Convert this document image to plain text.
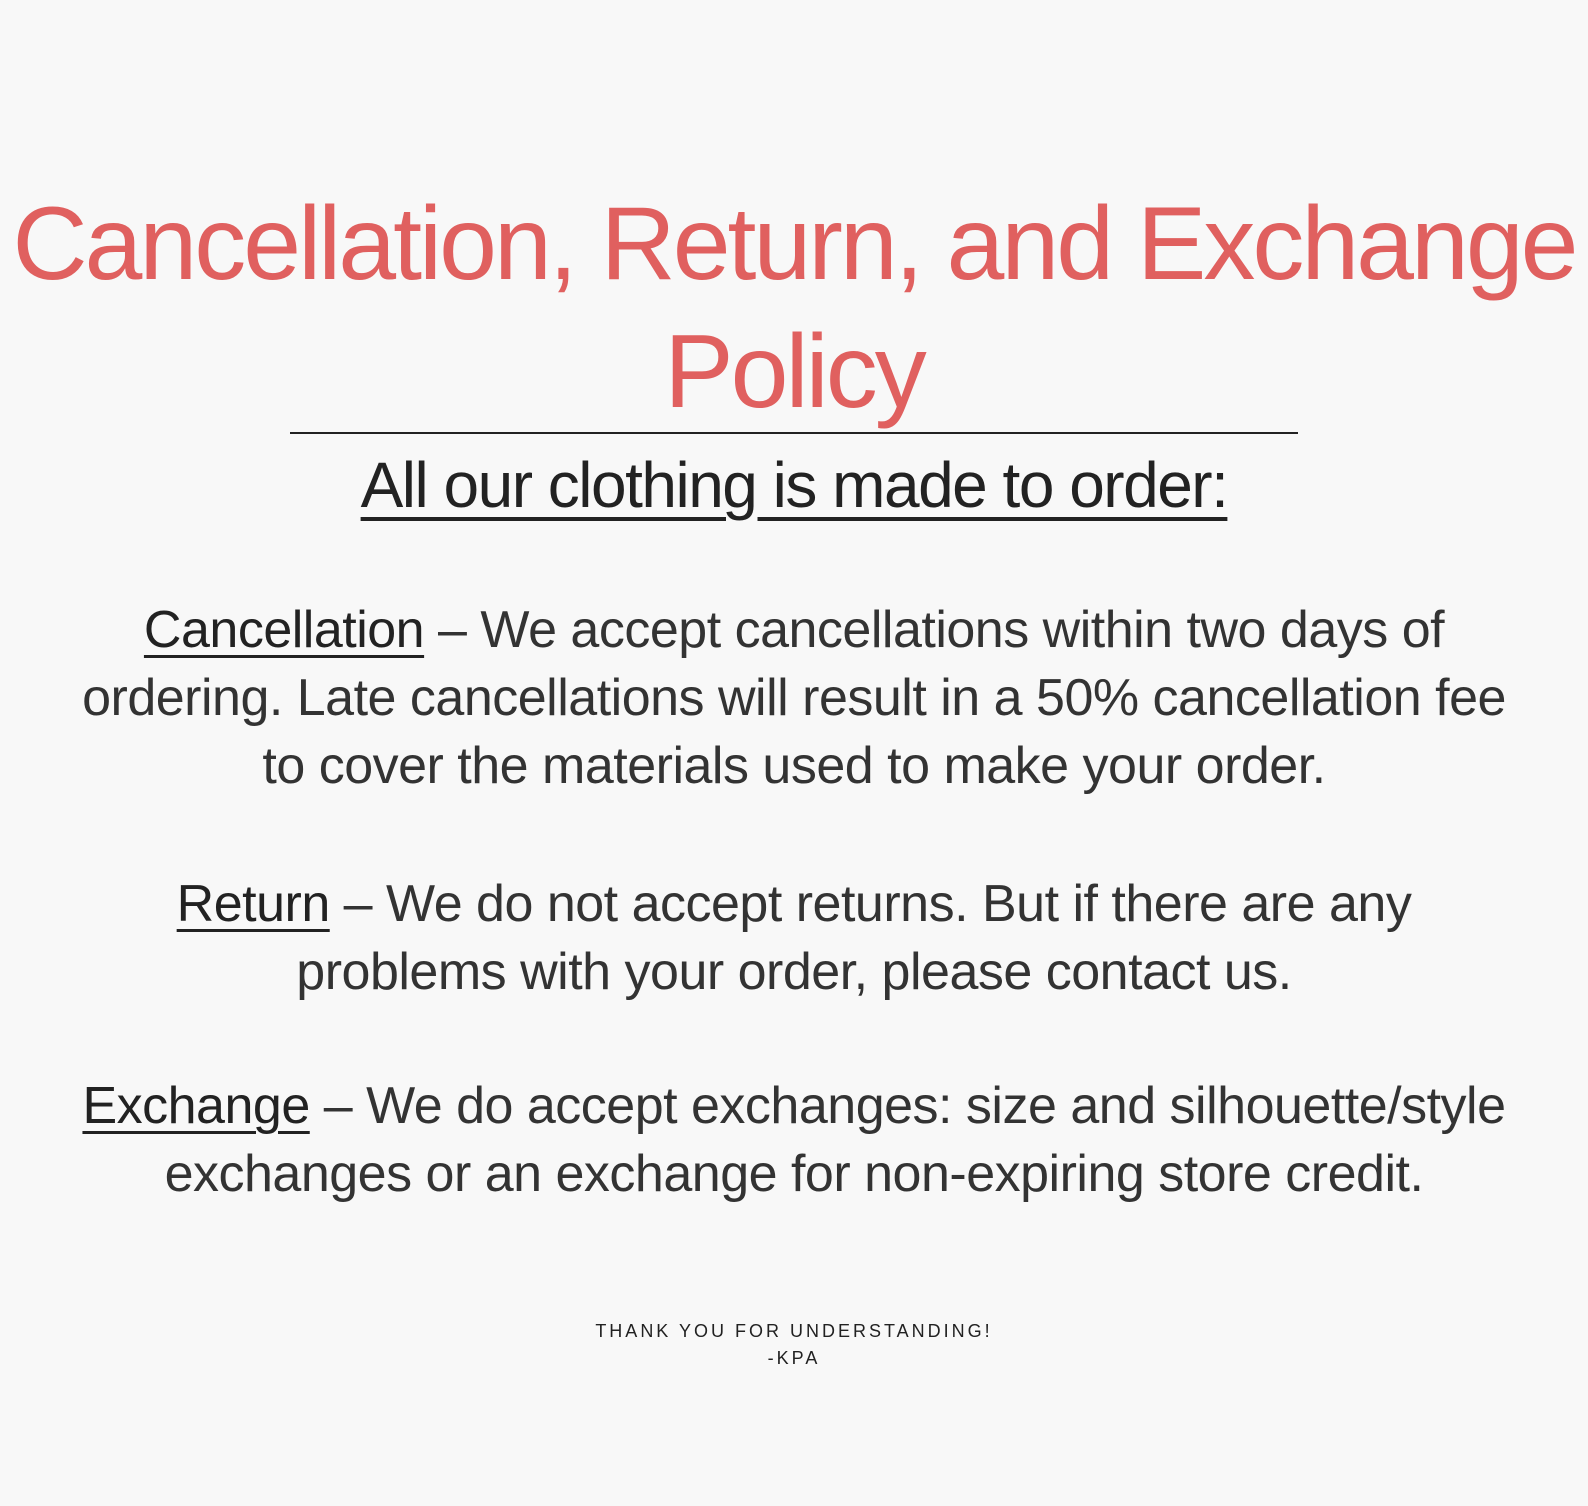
Cancellation, Return, and Exchange
Policy
All our clothing is made to order:

Cancellation – We accept cancellations within two days of ordering. Late cancellations will result in a 50% cancellation fee to cover the materials used to make your order.

Return – We do not accept returns. But if there are any problems with your order, please contact us.

Exchange – We do accept exchanges: size and silhouette/style exchanges or an exchange for non-expiring store credit.

THANK YOU FOR UNDERSTANDING!
-KPA
